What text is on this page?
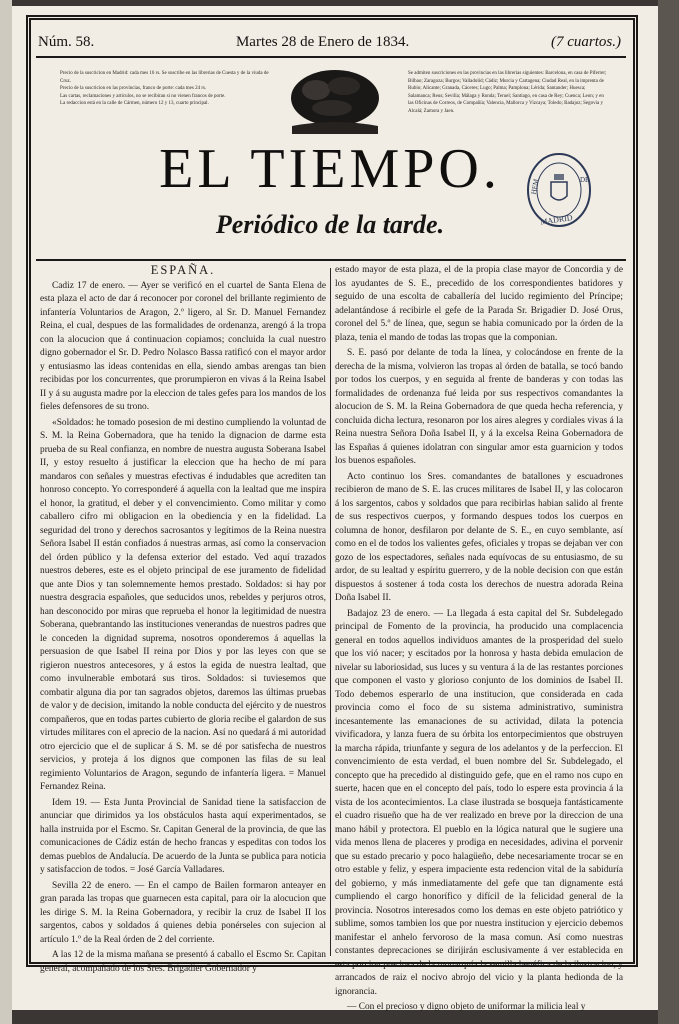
Núm. 58.	Martes 28 de Enero de 1834.	(7 cuartos.)
Precio de la suscricion en Madrid: cada mes 16 rs. Se suscribe en las librerias de Cuesta y de la viuda de Cruz.
Precio de la suscricion en las provincias, franco de porte: cada mes 24 rs.
Las cartas, reclamaciones y articulos, no se recibiran si no vienen francos de porte.
La redaccion está en la calle de Cármen, número 12 y 13, cuarto principal.
Se admiten suscriciones en las provincias en las librerias siguientes: Barcelona, en casa de Piferrer; Bilbao; Zaragoza; Burgos; Valladolid; Cádiz; Murcia y Cartagena; Ciudad Real, en la imprenta de Rubio; Alicante; Granada, Cáceres; Lugo; Palma; Pamplona; Lérida; Santander; Huesca; Salamanca; Reus; Sevilla; Málaga y Ronda; Teruel; Santiago, en casa de Rey; Cuenca; Leon; y en las Oficinas de Correos, de Compañía; Valencia, Mallorca y Vizcaya; Toledo; Badajoz; Segovia y Alcalá; Zamora y Jaen.
EL TIEMPO.
Periódico de la tarde.
HEM	DE
MADRID

ESPAÑA.

Cadiz 17 de enero. — Ayer se verificó en el cuartel de Santa Elena de esta plaza el acto de dar á reconocer por coronel del brillante regimiento de infantería Voluntarios de Aragon, 2.º ligero, al Sr. D. Manuel Fernandez Reina, el cual, despues de las formalidades de ordenanza, arengó á la tropa con la alocucion que á continuacion copiamos; concluida la cual nuestro digno gobernador el Sr. D. Pedro Nolasco Bassa ratificó con el mayor ardor y entusiasmo las ideas contenidas en ella, siendo ambas arengas tan bien recibidas por los concurrentes, que prorumpieron en vivas á la Reina Isabel II y á su augusta madre por la eleccion de tales gefes para los mandos de los fieles defensores de su trono.

«Soldados: he tomado posesion de mi destino cumpliendo la voluntad de S. M. la Reina Gobernadora, que ha tenido la dignacion de darme esta prueba de su Real confianza, en nombre de nuestra augusta Soberana Isabel II, y estoy resuelto á justificar la eleccion que ha hecho de mí para mandaros con señales y muestras efectivas é indudables que acrediten tan honroso concepto. Yo corresponderé á aquella con la lealtad que me inspira el honor, la gratitud, el deber y el convencimiento. Como militar y como caballero cifro mi obligacion en la obediencia y en la fidelidad. La seguridad del trono y derechos sacrosantos y legítimos de la Reina nuestra Señora Isabel II están confiados á nuestras armas, así como la conservacion del órden público y la defensa exterior del estado. Ved aquí trazados nuestros deberes, este es el objeto principal de ese juramento de fidelidad que ante Dios y tan solemnemente hemos prestado. Soldados: si hay por nuestra desgracia españoles, que seducidos unos, rebeldes y perjuros otros, han desconocido por miras que reprueba el honor la legitimidad de nuestra Soberana, quebrantando las instituciones venerandas de nuestros padres que le conceden la dignidad suprema, nosotros oponderemos á aquellas la persuasion de que Isabel II reina por Dios y por las leyes con que se rigieron nuestros antecesores, y á estos la egida de nuestra lealtad, que como invulnerable embotará sus tiros. Soldados: si tuviesemos que combatir alguna dia por tan sagrados objetos, daremos las últimas pruebas de valor y de decision, imitando la noble conducta del ejército y de nuestros compañeros, que en todas partes cubierto de gloria recibe el galardon de sus virtudes militares con el aprecio de la nacion. Así no quedará á mi autoridad otro ejercicio que el de suplicar á S. M. se dé por satisfecha de nuestros servicios, y proteja á los dignos que componen las filas de su leal regimiento Voluntarios de Aragon, segundo de infantería ligera. = Manuel Fernandez Reina.

Idem 19. — Esta Junta Provincial de Sanidad tiene la satisfaccion de anunciar que dirimidos ya los obstáculos hasta aquí experimentados, se halla instruida por el Escmo. Sr. Capitan General de la provincia, de que las comunicaciones de Cádiz están de hecho francas y espeditas con todos los demas pueblos de Andalucía. De acuerdo de la Junta se publica para noticia y satisfaccion de todos. = José García Valladares.

Sevilla 22 de enero. — En el campo de Bailen formaron anteayer en gran parada las tropas que guarnecen esta capital, para oir la alocucion que les dirige S. M. la Reina Gobernadora, y recibir la cruz de Isabel II los sargentos, cabos y soldados á quienes debia ponérseles con sujecion al artículo 1.º de la Real órden de 2 del corriente.

A las 12 de la misma mañana se presentó á caballo el Escmo Sr. Capitan general, acompañado de los Sres. Brigadier Gobernador y

estado mayor de esta plaza, el de la propia clase mayor de Concordia y de los ayudantes de S. E., precedido de los correspondientes batidores y seguido de una escolta de caballería del lucido regimiento del Príncipe; adelantándose á recibirle el gefe de la Parada Sr. Brigadier D. José Orus, coronel del 5.º de línea, que, segun se habia comunicado por la órden de la plaza, tenia el mando de todas las tropas que la componian.

S. E. pasó por delante de toda la línea, y colocándose en frente de la derecha de la misma, volvieron las tropas al órden de batalla, se tocó bando por todos los cuerpos, y en seguida al frente de banderas y con todas las formalidades de ordenanza fué leida por sus respectivos comandantes la alocucion de S. M. la Reina Gobernadora de que queda hecha referencia, y concluida dicha lectura, resonaron por los aires alegres y cordiales vivas á la Reina nuestra Señora Doña Isabel II, y á la excelsa Reina Gobernadora de las Españas á quienes idolatran con singular amor esta guarnicion y todos los buenos españoles.

Acto continuo los Sres. comandantes de batallones y escuadrones recibieron de mano de S. E. las cruces militares de Isabel II, y las colocaron á los sargentos, cabos y soldados que para recibirlas habian salido al frente de sus respectivos cuerpos, y formando despues todos los cuerpos en columna de honor, desfilaron por delante de S. E., en cuyo semblante, así como en el de todos los valientes gefes, oficiales y tropas se dejaban ver con gozo de los espectadores, señales nada equívocas de su entusiasmo, de su ardor, de su lealtad y espíritu guerrero, y de la noble decision con que están dispuestos á sostener á toda costa los derechos de nuestra adorada Reina Doña Isabel II.

Badajoz 23 de enero. — La llegada á esta capital del Sr. Subdelegado principal de Fomento de la provincia, ha producido una complacencia general en todos aquellos individuos amantes de la prosperidad del suelo que los vió nacer; y escitados por la honrosa y hasta debida emulacion de nivelar su laboriosidad, sus luces y su ventura á la de las restantes porciones que componen el vasto y glorioso conjunto de los dominios de Isabel II. Todo debemos esperarlo de una institucion, que considerada en cada provincia como el foco de su sistema administrativo, suministra incesantemente las emanaciones de su actividad, dilata la potencia vivificadora, y lanza fuera de su órbita los entorpecimientos que obstruyen la marcha rápida, triunfante y segura de los adelantos y de la perfeccion. El convencimiento de esta verdad, el buen nombre del Sr. Subdelegado, el concepto que ha precedido al distinguido gefe, que en el ramo nos cupo en suerte, hacen que en el concepto del país, todo lo espere esta provincia á la vista de los acontecimientos. La clase ilustrada se bosqueja fantásticamente el cuadro risueño que ha de ver realizado en breve por la direccion de una mano hábil y protectora. El pueblo en la lógica natural que le sugiere una vida menos llena de placeres y prodiga en necesidades, adivina el porvenir que su estado precario y poco halagüeño, debe necesariamente trocar se en otro estable y feliz, y espera impaciente esta redencion vital de la sabiduría del gobierno, y más inmediatamente del gefe que tan dignamente está cumpliendo el cargo honorífico y difícil de la felicidad general de la provincia. Nosotros interesados como los demas en este objeto patriótico y sublime, somos tambien los que por nuestra institucion y ejercicio debemos manifestar el anhelo fervoroso de la masa comun. Así como nuestras constantes deprecaciones se dirijirán esclusivamente á ver establecida en esta porcion preciosa de la monarquía la semilla benéfica de la ilustracion, y arrancados de raiz el nocivo abrojo del vicio y la planta hedionda de la ignorancia.

— Con el precioso y digno objeto de uniformar la milicia leal y
